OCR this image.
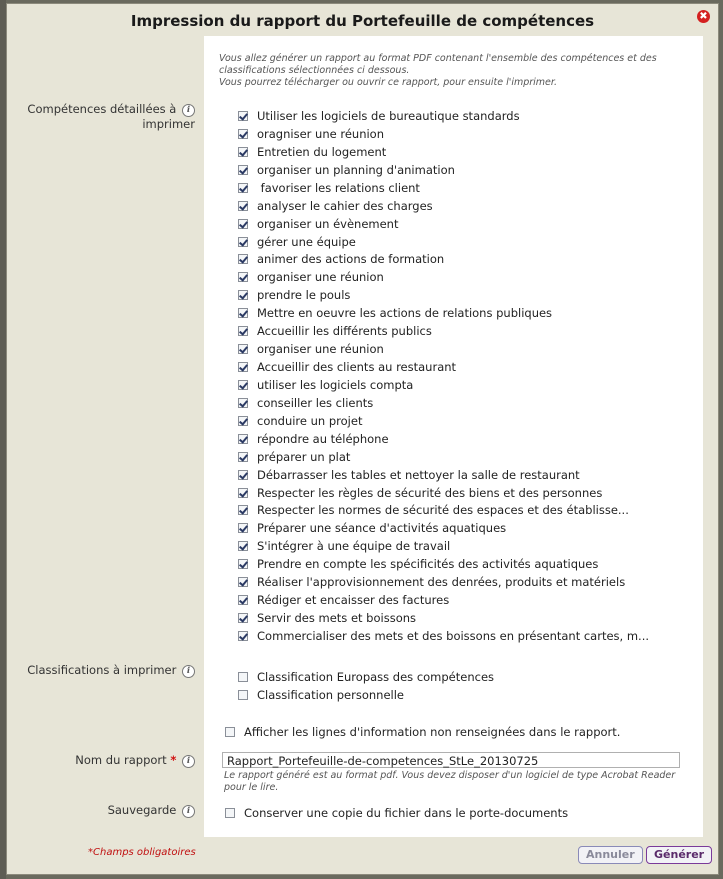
Impression du rapport du Portefeuille de compétences	✖
Vous allez générer un rapport au format PDF contenant l'ensemble des compétences et des classifications sélectionnées ci dessous.
Vous pourrez télécharger ou ouvrir ce rapport, pour ensuite l'imprimer.
Compétences détaillées à i
imprimer
Utiliser les logiciels de bureautique standards
oragniser une réunion
Entretien du logement
organiser un planning d'animation
favoriser les relations client
analyser le cahier des charges
organiser un évènement
gérer une équipe
animer des actions de formation
organiser une réunion
prendre le pouls
Mettre en oeuvre les actions de relations publiques
Accueillir les différents publics
organiser une réunion
Accueillir des clients au restaurant
utiliser les logiciels compta
conseiller les clients
conduire un projet
répondre au téléphone
préparer un plat
Débarrasser les tables et nettoyer la salle de restaurant
Respecter les règles de sécurité des biens et des personnes
Respecter les normes de sécurité des espaces et des établisse...
Préparer une séance d'activités aquatiques
S'intégrer à une équipe de travail
Prendre en compte les spécificités des activités aquatiques
Réaliser l'approvisionnement des denrées, produits et matériels
Rédiger et encaisser des factures
Servir des mets et boissons
Commercialiser des mets et des boissons en présentant cartes, m...
Classifications à imprimer i	Classification Europass des compétences
Classification personnelle
Afficher les lignes d'information non renseignées dans le rapport.
Nom du rapport * i	Rapport_Portefeuille-de-competences_StLe_20130725
Le rapport généré est au format pdf. Vous devez disposer d'un logiciel de type Acrobat Reader pour le lire.
Sauvegarde i	Conserver une copie du fichier dans le porte-documents
*Champs obligatoires	Annuler	Générer
